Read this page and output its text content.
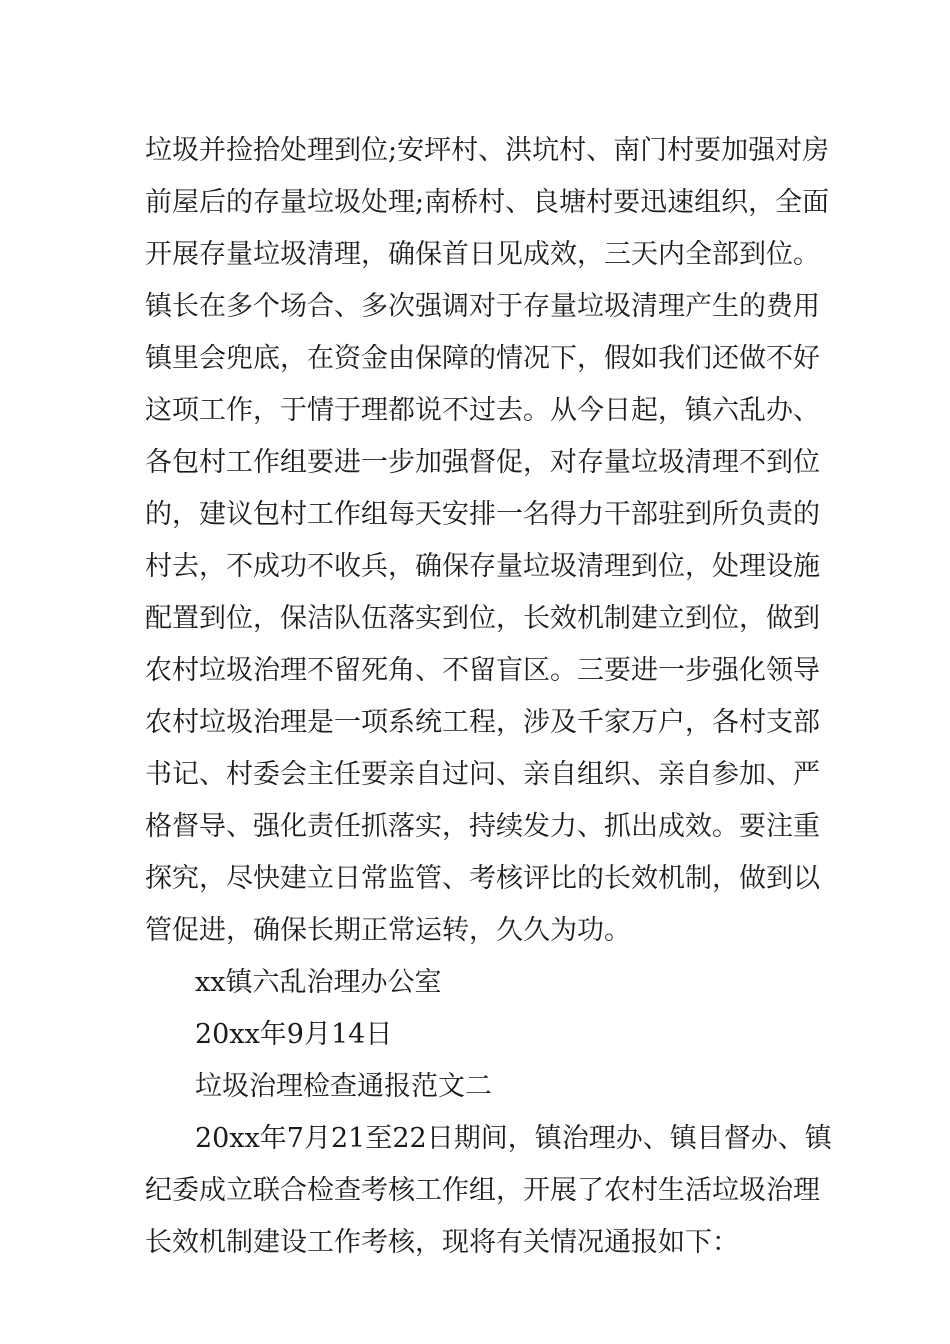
垃圾并捡拾处理到位;安坪村、洪坑村、南门村要加强对房
前屋后的存量垃圾处理;南桥村、良塘村要迅速组织，全面
开展存量垃圾清理，确保首日见成效，三天内全部到位。
镇长在多个场合、多次强调对于存量垃圾清理产生的费用
镇里会兜底，在资金由保障的情况下，假如我们还做不好
这项工作，于情于理都说不过去。从今日起，镇六乱办、
各包村工作组要进一步加强督促，对存量垃圾清理不到位
的，建议包村工作组每天安排一名得力干部驻到所负责的
村去，不成功不收兵，确保存量垃圾清理到位，处理设施
配置到位，保洁队伍落实到位，长效机制建立到位，做到
农村垃圾治理不留死角、不留盲区。三要进一步强化领导
农村垃圾治理是一项系统工程，涉及千家万户，各村支部
书记、村委会主任要亲自过问、亲自组织、亲自参加、严
格督导、强化责任抓落实，持续发力、抓出成效。要注重
探究，尽快建立日常监管、考核评比的长效机制，做到以
管促进，确保长期正常运转，久久为功。
xx镇六乱治理办公室
20xx年9月14日
垃圾治理检查通报范文二
20xx年7月21至22日期间，镇治理办、镇目督办、镇
纪委成立联合检查考核工作组，开展了农村生活垃圾治理
长效机制建设工作考核，现将有关情况通报如下：
